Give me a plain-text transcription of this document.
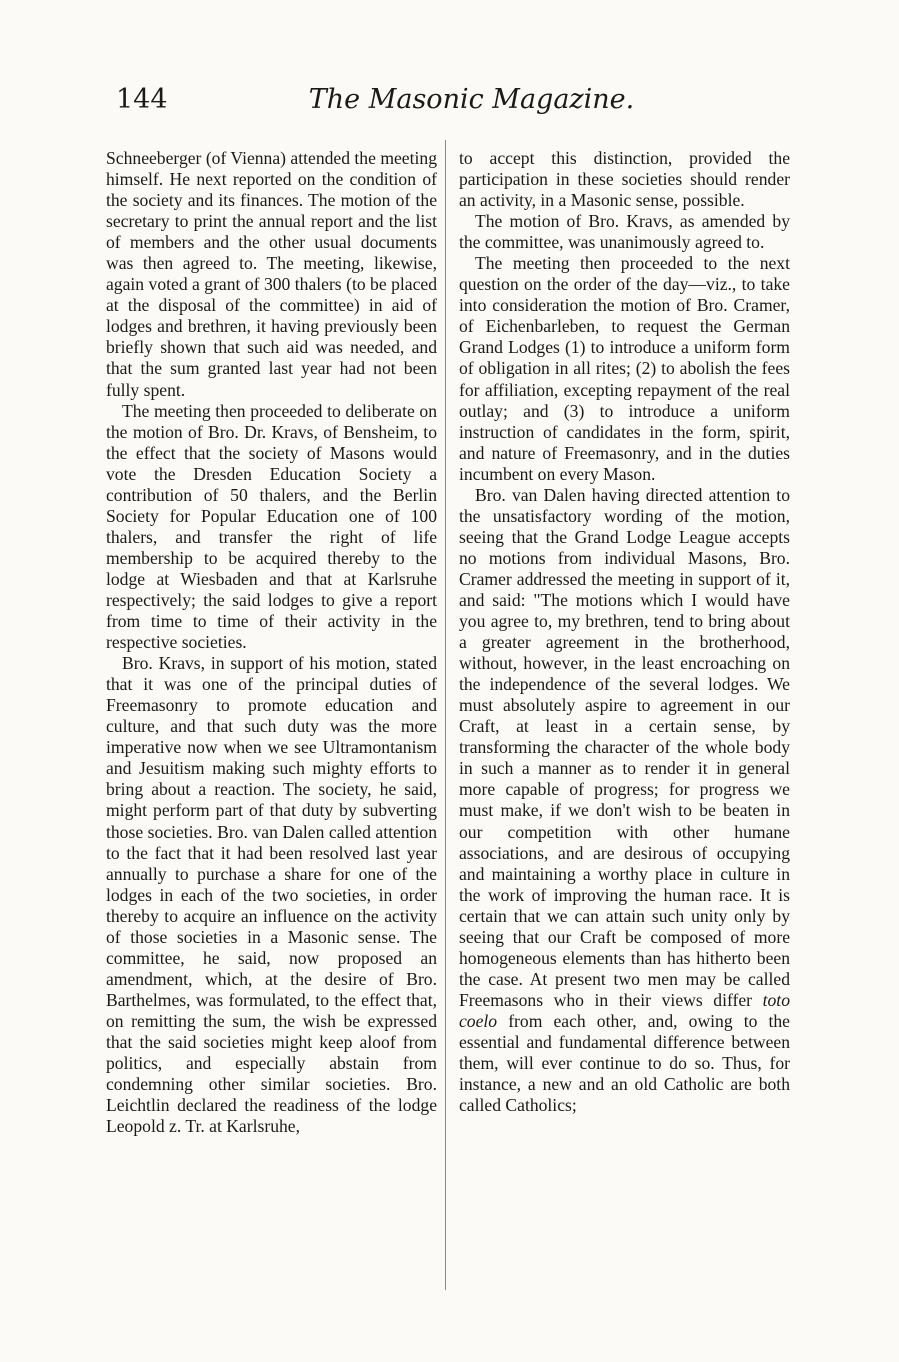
144	The Masonic Magazine.

Schneeberger (of Vienna) attended the meeting himself. He next reported on the condition of the society and its finances. The motion of the secretary to print the annual report and the list of members and the other usual documents was then agreed to. The meeting, likewise, again voted a grant of 300 thalers (to be placed at the disposal of the committee) in aid of lodges and brethren, it having previously been briefly shown that such aid was needed, and that the sum granted last year had not been fully spent.

The meeting then proceeded to deliberate on the motion of Bro. Dr. Kravs, of Bensheim, to the effect that the society of Masons would vote the Dresden Education Society a contribution of 50 thalers, and the Berlin Society for Popular Education one of 100 thalers, and transfer the right of life membership to be acquired thereby to the lodge at Wiesbaden and that at Karlsruhe respectively; the said lodges to give a report from time to time of their activity in the respective societies.

Bro. Kravs, in support of his motion, stated that it was one of the principal duties of Freemasonry to promote education and culture, and that such duty was the more imperative now when we see Ultramontanism and Jesuitism making such mighty efforts to bring about a reaction. The society, he said, might perform part of that duty by subverting those societies. Bro. van Dalen called attention to the fact that it had been resolved last year annually to purchase a share for one of the lodges in each of the two societies, in order thereby to acquire an influence on the activity of those societies in a Masonic sense. The committee, he said, now proposed an amendment, which, at the desire of Bro. Barthelmes, was formulated, to the effect that, on remitting the sum, the wish be expressed that the said societies might keep aloof from politics, and especially abstain from condemning other similar societies. Bro. Leichtlin declared the readiness of the lodge Leopold z. Tr. at Karlsruhe,

to accept this distinction, provided the participation in these societies should render an activity, in a Masonic sense, possible.

The motion of Bro. Kravs, as amended by the committee, was unanimously agreed to.

The meeting then proceeded to the next question on the order of the day—viz., to take into consideration the motion of Bro. Cramer, of Eichenbarleben, to request the German Grand Lodges (1) to introduce a uniform form of obligation in all rites; (2) to abolish the fees for affiliation, excepting repayment of the real outlay; and (3) to introduce a uniform instruction of candidates in the form, spirit, and nature of Freemasonry, and in the duties incumbent on every Mason.

Bro. van Dalen having directed attention to the unsatisfactory wording of the motion, seeing that the Grand Lodge League accepts no motions from individual Masons, Bro. Cramer addressed the meeting in support of it, and said: "The motions which I would have you agree to, my brethren, tend to bring about a greater agreement in the brotherhood, without, however, in the least encroaching on the independence of the several lodges. We must absolutely aspire to agreement in our Craft, at least in a certain sense, by transforming the character of the whole body in such a manner as to render it in general more capable of progress; for progress we must make, if we don't wish to be beaten in our competition with other humane associations, and are desirous of occupying and maintaining a worthy place in culture in the work of improving the human race. It is certain that we can attain such unity only by seeing that our Craft be composed of more homogeneous elements than has hitherto been the case. At present two men may be called Freemasons who in their views differ toto coelo from each other, and, owing to the essential and fundamental difference between them, will ever continue to do so. Thus, for instance, a new and an old Catholic are both called Catholics;
